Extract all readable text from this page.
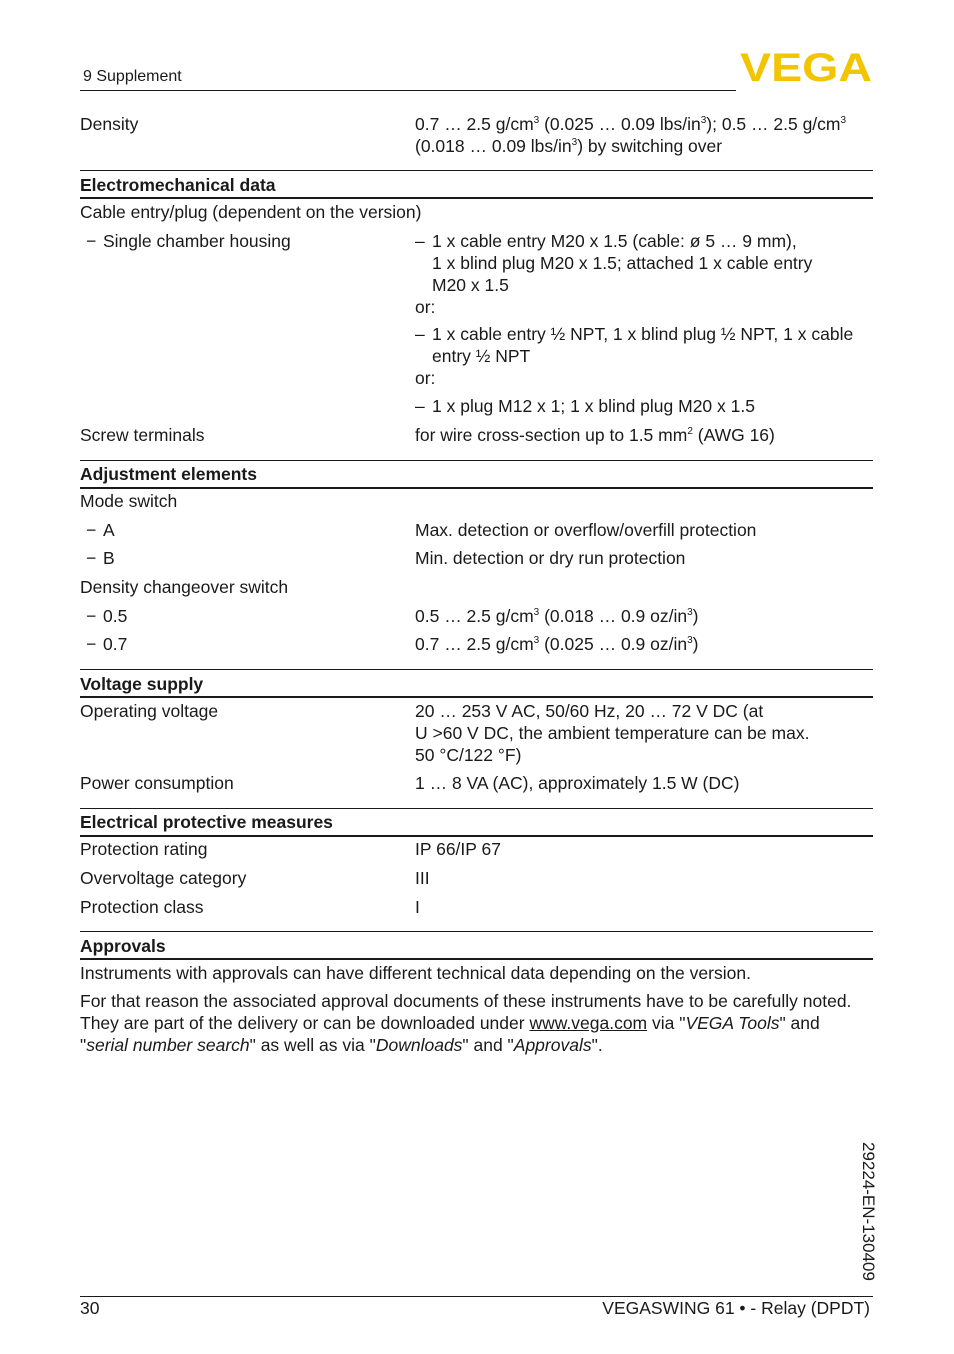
9 Supplement	VEGA
Density	0.7 … 2.5 $g/cm^3$ (0.025 … 0.09 lbs/$in^3$); 0.5 … 2.5 $g/cm^3$
(0.018 … 0.09 lbs/$in^3$) by switching over
Electromechanical data
Cable entry/plug (dependent on the version)
− Single chamber housing	– 1 x cable entry M20 x 1.5 (cable: ø 5 … 9 mm),
1 x blind plug M20 x 1.5; attached 1 x cable entry
M20 x 1.5
or:
– 1 x cable entry ½ NPT, 1 x blind plug ½ NPT, 1 x cable
entry ½ NPT
or:
– 1 x plug M12 x 1; 1 x blind plug M20 x 1.5
Screw terminals	for wire cross-section up to 1.5 $mm^2$ (AWG 16)
Adjustment elements
Mode switch
− A	Max. detection or overflow/overfill protection
− B	Min. detection or dry run protection
Density changeover switch
− 0.5	0.5 … 2.5 $g/cm^3$ (0.018 … 0.9 $oz/in^3$)
− 0.7	0.7 … 2.5 $g/cm^3$ (0.025 … 0.9 $oz/in^3$)
Voltage supply
Operating voltage	20 … 253 V AC, 50/60 Hz, 20 … 72 V DC (at
U >60 V DC, the ambient temperature can be max.
50 °C/122 °F)
Power consumption	1 … 8 VA (AC), approximately 1.5 W (DC)
Electrical protective measures
Protection rating	IP 66/IP 67
Overvoltage category	III
Protection class	I
Approvals
Instruments with approvals can have different technical data depending on the version.
For that reason the associated approval documents of these instruments have to be carefully noted. They are part of the delivery or can be downloaded under www.vega.com via "VEGA Tools" and "serial number search" as well as via "Downloads" and "Approvals".
29224-EN-130409
30	VEGASWING 61 • - Relay (DPDT)
